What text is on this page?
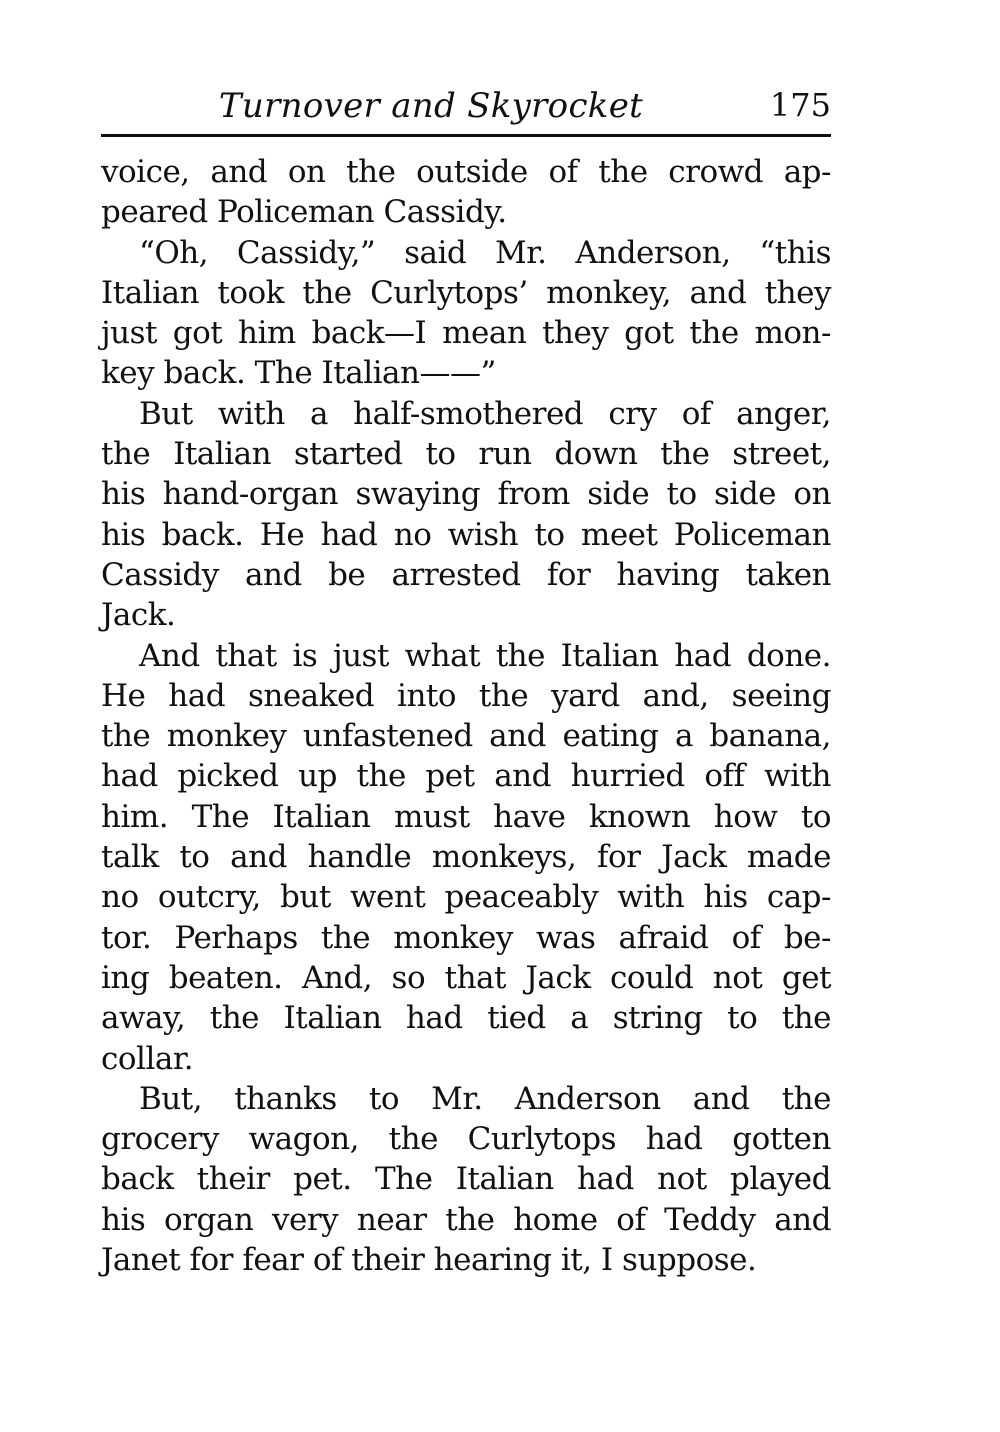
Turnover and Skyrocket	175
voice, and on the outside of the crowd ap-
peared Policeman Cassidy.
“Oh, Cassidy,” said Mr. Anderson, “this
Italian took the Curlytops’ monkey, and they
just got him back—I mean they got the mon-
key back. The Italian——”
But with a half-smothered cry of anger,
the Italian started to run down the street,
his hand-organ swaying from side to side on
his back. He had no wish to meet Policeman
Cassidy and be arrested for having taken
Jack.
And that is just what the Italian had done.
He had sneaked into the yard and, seeing
the monkey unfastened and eating a banana,
had picked up the pet and hurried off with
him. The Italian must have known how to
talk to and handle monkeys, for Jack made
no outcry, but went peaceably with his cap-
tor. Perhaps the monkey was afraid of be-
ing beaten. And, so that Jack could not get
away, the Italian had tied a string to the
collar.
But, thanks to Mr. Anderson and the
grocery wagon, the Curlytops had gotten
back their pet. The Italian had not played
his organ very near the home of Teddy and
Janet for fear of their hearing it, I suppose.
